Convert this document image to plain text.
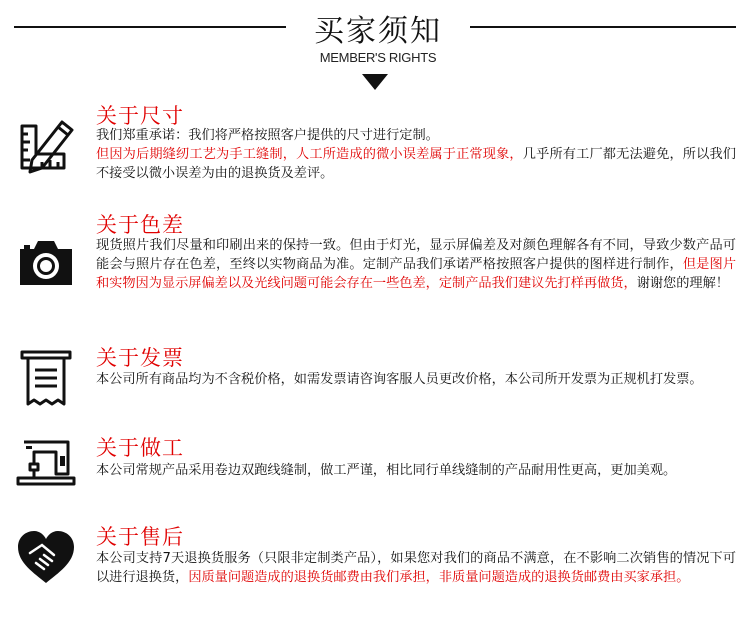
买家须知
MEMBER'S RIGHTS
关于尺寸
我们郑重承诺：我们将严格按照客户提供的尺寸进行定制。
但因为后期缝纫工艺为手工缝制，人工所造成的微小误差属于正常现象，几乎所有工厂都无法避免，所以我们不接受以微小误差为由的退换货及差评。
关于色差
现货照片我们尽量和印刷出来的保持一致。但由于灯光，显示屏偏差及对颜色理解各有不同，导致少数产品可能会与照片存在色差，至终以实物商品为准。定制产品我们承诺严格按照客户提供的图样进行制作，但是图片和实物因为显示屏偏差以及光线问题可能会存在一些色差，定制产品我们建议先打样再做货，谢谢您的理解！
关于发票
本公司所有商品均为不含税价格，如需发票请咨询客服人员更改价格，本公司所开发票为正规机打发票。
关于做工
本公司常规产品采用卷边双跑线缝制，做工严谨，相比同行单线缝制的产品耐用性更高，更加美观。
关于售后
本公司支持7天退换货服务（只限非定制类产品），如果您对我们的商品不满意，在不影响二次销售的情况下可以进行退换货，因质量问题造成的退换货邮费由我们承担，非质量问题造成的退换货邮费由买家承担。
